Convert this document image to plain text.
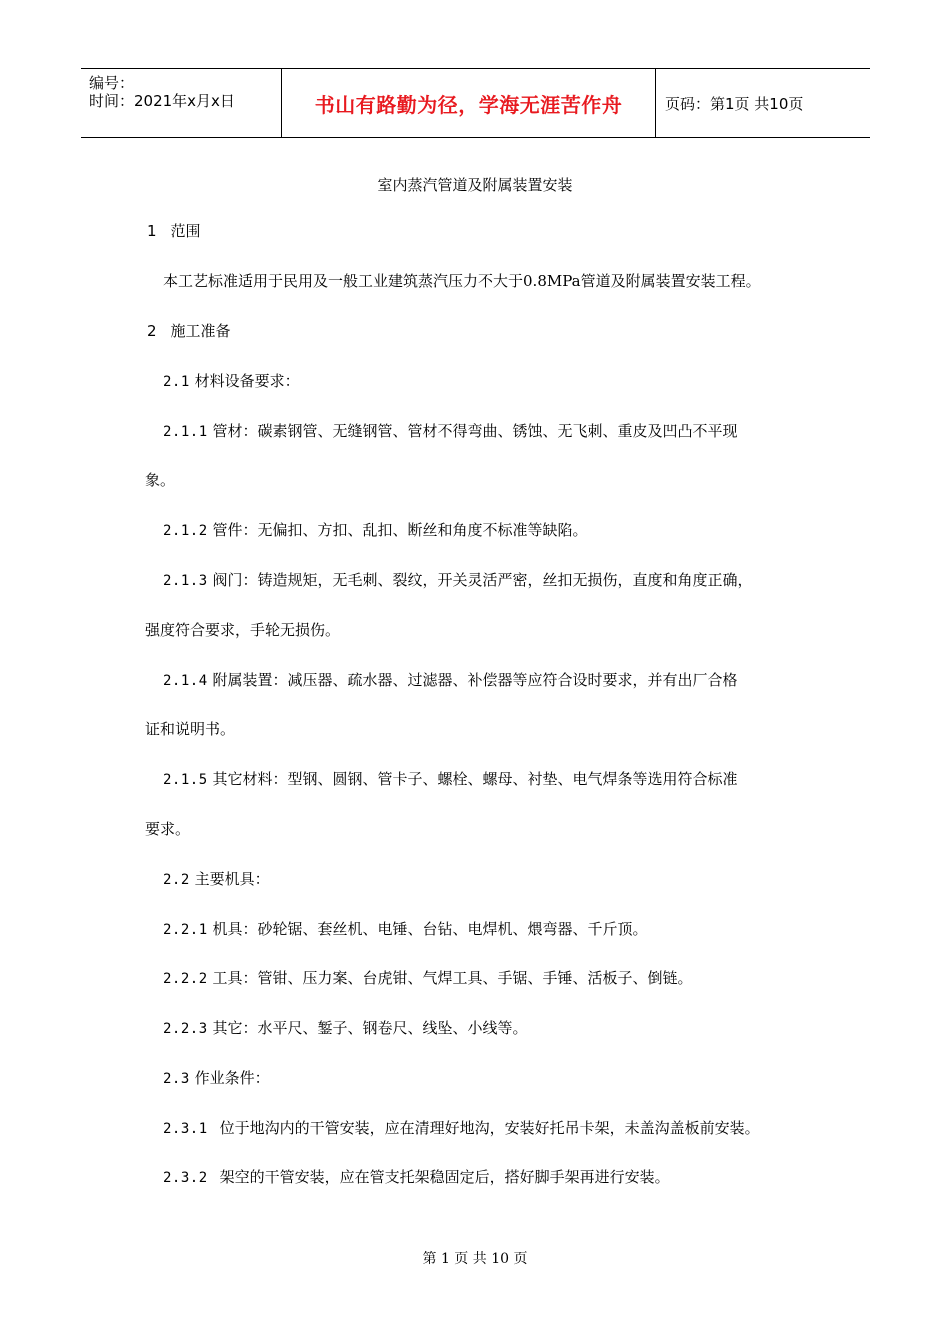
编号：
时间：2021年x月x日	书山有路勤为径，学海无涯苦作舟	页码：第1页 共10页
室内蒸汽管道及附属装置安装
1 范围
本工艺标准适用于民用及一般工业建筑蒸汽压力不大于0.8MPa管道及附属装置安装工程。
2 施工准备
2.1 材料设备要求：
2.1.1 管材：碳素钢管、无缝钢管、管材不得弯曲、锈蚀、无飞刺、重皮及凹凸不平现
象。
2.1.2 管件：无偏扣、方扣、乱扣、断丝和角度不标准等缺陷。
2.1.3 阀门：铸造规矩，无毛刺、裂纹，开关灵活严密，丝扣无损伤，直度和角度正确，
强度符合要求，手轮无损伤。
2.1.4 附属装置：减压器、疏水器、过滤器、补偿器等应符合设时要求，并有出厂合格
证和说明书。
2.1.5 其它材料：型钢、圆钢、管卡子、螺栓、螺母、衬垫、电气焊条等选用符合标准
要求。
2.2 主要机具：
2.2.1 机具：砂轮锯、套丝机、电锤、台钻、电焊机、煨弯器、千斤顶。
2.2.2 工具：管钳、压力案、台虎钳、气焊工具、手锯、手锤、活板子、倒链。
2.2.3 其它：水平尺、錾子、钢卷尺、线坠、小线等。
2.3 作业条件：
2.3.1 位于地沟内的干管安装，应在清理好地沟，安装好托吊卡架，未盖沟盖板前安装。
2.3.2 架空的干管安装，应在管支托架稳固定后，搭好脚手架再进行安装。
第 1 页 共 10 页
